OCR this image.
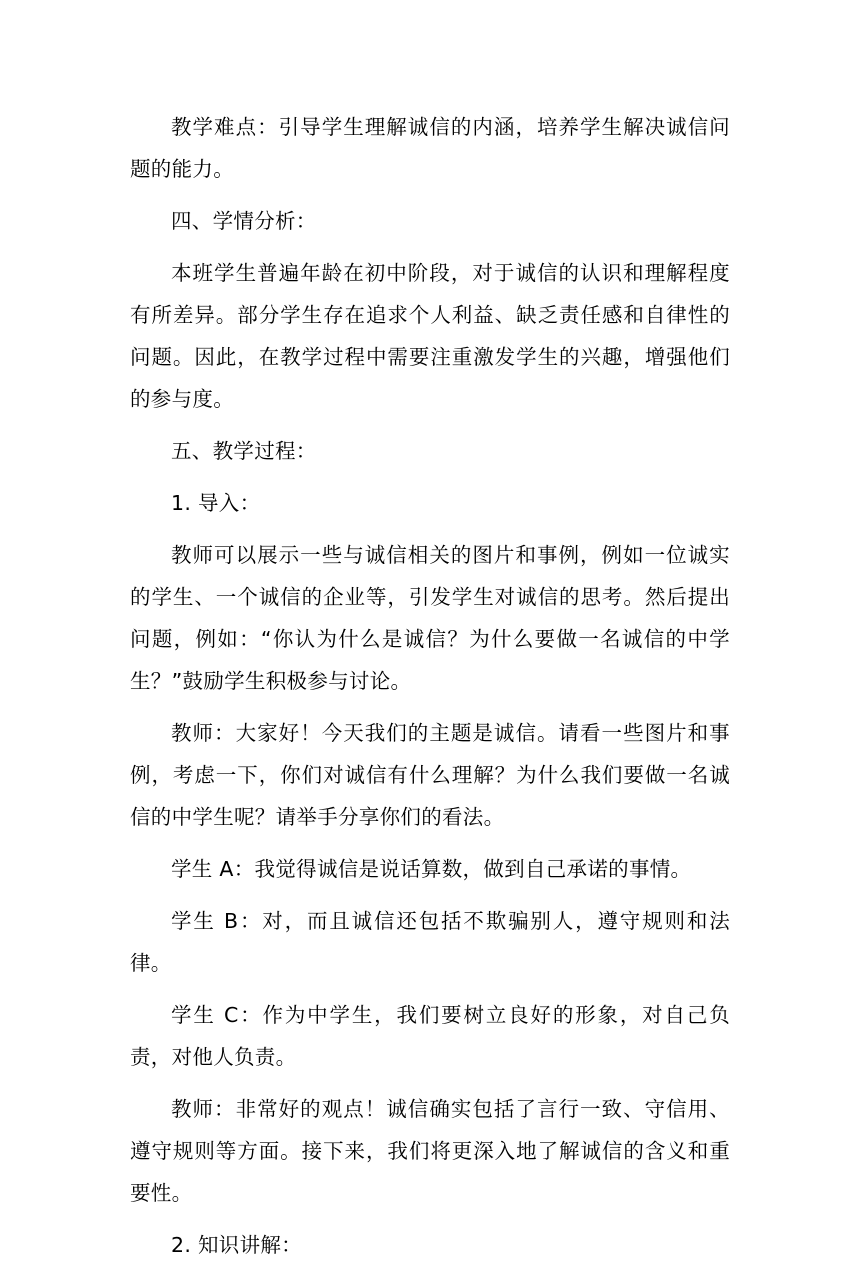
教学难点：引导学生理解诚信的内涵，培养学生解决诚信问题的能力。

四、学情分析：

本班学生普遍年龄在初中阶段，对于诚信的认识和理解程度有所差异。部分学生存在追求个人利益、缺乏责任感和自律性的问题。因此，在教学过程中需要注重激发学生的兴趣，增强他们的参与度。

五、教学过程：

1. 导入：

教师可以展示一些与诚信相关的图片和事例，例如一位诚实的学生、一个诚信的企业等，引发学生对诚信的思考。然后提出问题，例如：“你认为什么是诚信？为什么要做一名诚信的中学生？”鼓励学生积极参与讨论。

教师：大家好！今天我们的主题是诚信。请看一些图片和事例，考虑一下，你们对诚信有什么理解？为什么我们要做一名诚信的中学生呢？请举手分享你们的看法。

学生 A：我觉得诚信是说话算数，做到自己承诺的事情。

学生 B：对，而且诚信还包括不欺骗别人，遵守规则和法律。

学生 C：作为中学生，我们要树立良好的形象，对自己负责，对他人负责。

教师：非常好的观点！诚信确实包括了言行一致、守信用、遵守规则等方面。接下来，我们将更深入地了解诚信的含义和重要性。

2. 知识讲解：
